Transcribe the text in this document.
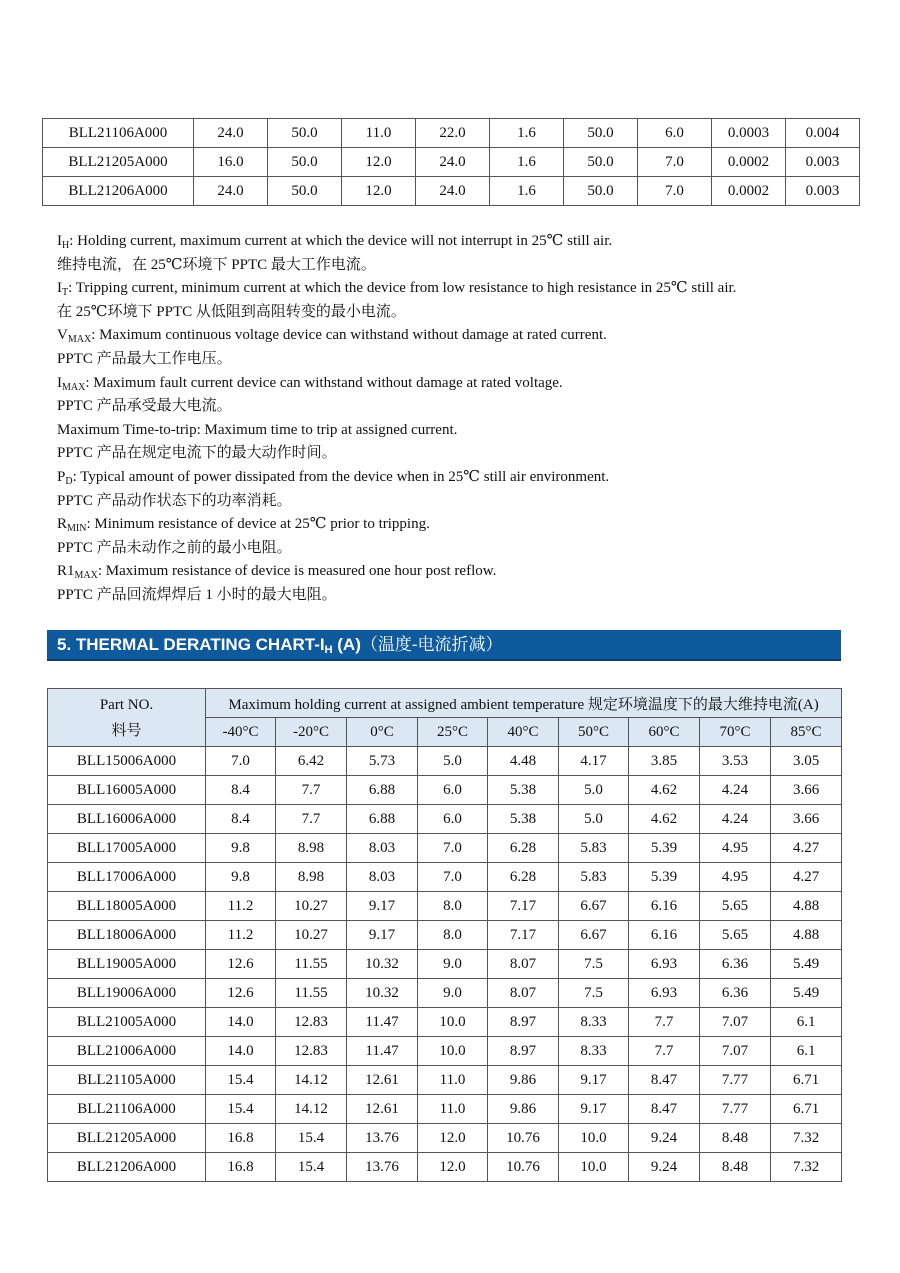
BLL21106A000	24.0	50.0	11.0	22.0	1.6	50.0	6.0	0.0003	0.004
BLL21205A000	16.0	50.0	12.0	24.0	1.6	50.0	7.0	0.0002	0.003
BLL21206A000	24.0	50.0	12.0	24.0	1.6	50.0	7.0	0.0002	0.003
$I_H$: Holding current, maximum current at which the device will not interrupt in 25℃ still air.
维持电流，在 25℃环境下 PPTC 最大工作电流。
$I_T$: Tripping current, minimum current at which the device from low resistance to high resistance in 25℃ still air.
在 25℃环境下 PPTC 从低阻到高阻转变的最小电流。
$V_{MAX}$: Maximum continuous voltage device can withstand without damage at rated current.
PPTC 产品最大工作电压。
$I_{MAX}$: Maximum fault current device can withstand without damage at rated voltage.
PPTC 产品承受最大电流。
Maximum Time-to-trip: Maximum time to trip at assigned current.
PPTC 产品在规定电流下的最大动作时间。
$P_D$: Typical amount of power dissipated from the device when in 25℃ still air environment.
PPTC 产品动作状态下的功率消耗。
$R_{MIN}$: Minimum resistance of device at 25℃ prior to tripping.
PPTC 产品未动作之前的最小电阻。
$R1_{MAX}$: Maximum resistance of device is measured one hour post reflow.
PPTC 产品回流焊焊后 1 小时的最大电阻。
5. THERMAL DERATING CHART-$I_H$ (A)（温度-电流折减）
Part NO.
料号	Maximum holding current at assigned ambient temperature 规定环境温度下的最大维持电流(A)								
	-40°C	-20°C	0°C	25°C	40°C	50°C	60°C	70°C	85°C
BLL15006A000	7.0	6.42	5.73	5.0	4.48	4.17	3.85	3.53	3.05
BLL16005A000	8.4	7.7	6.88	6.0	5.38	5.0	4.62	4.24	3.66
BLL16006A000	8.4	7.7	6.88	6.0	5.38	5.0	4.62	4.24	3.66
BLL17005A000	9.8	8.98	8.03	7.0	6.28	5.83	5.39	4.95	4.27
BLL17006A000	9.8	8.98	8.03	7.0	6.28	5.83	5.39	4.95	4.27
BLL18005A000	11.2	10.27	9.17	8.0	7.17	6.67	6.16	5.65	4.88
BLL18006A000	11.2	10.27	9.17	8.0	7.17	6.67	6.16	5.65	4.88
BLL19005A000	12.6	11.55	10.32	9.0	8.07	7.5	6.93	6.36	5.49
BLL19006A000	12.6	11.55	10.32	9.0	8.07	7.5	6.93	6.36	5.49
BLL21005A000	14.0	12.83	11.47	10.0	8.97	8.33	7.7	7.07	6.1
BLL21006A000	14.0	12.83	11.47	10.0	8.97	8.33	7.7	7.07	6.1
BLL21105A000	15.4	14.12	12.61	11.0	9.86	9.17	8.47	7.77	6.71
BLL21106A000	15.4	14.12	12.61	11.0	9.86	9.17	8.47	7.77	6.71
BLL21205A000	16.8	15.4	13.76	12.0	10.76	10.0	9.24	8.48	7.32
BLL21206A000	16.8	15.4	13.76	12.0	10.76	10.0	9.24	8.48	7.32
